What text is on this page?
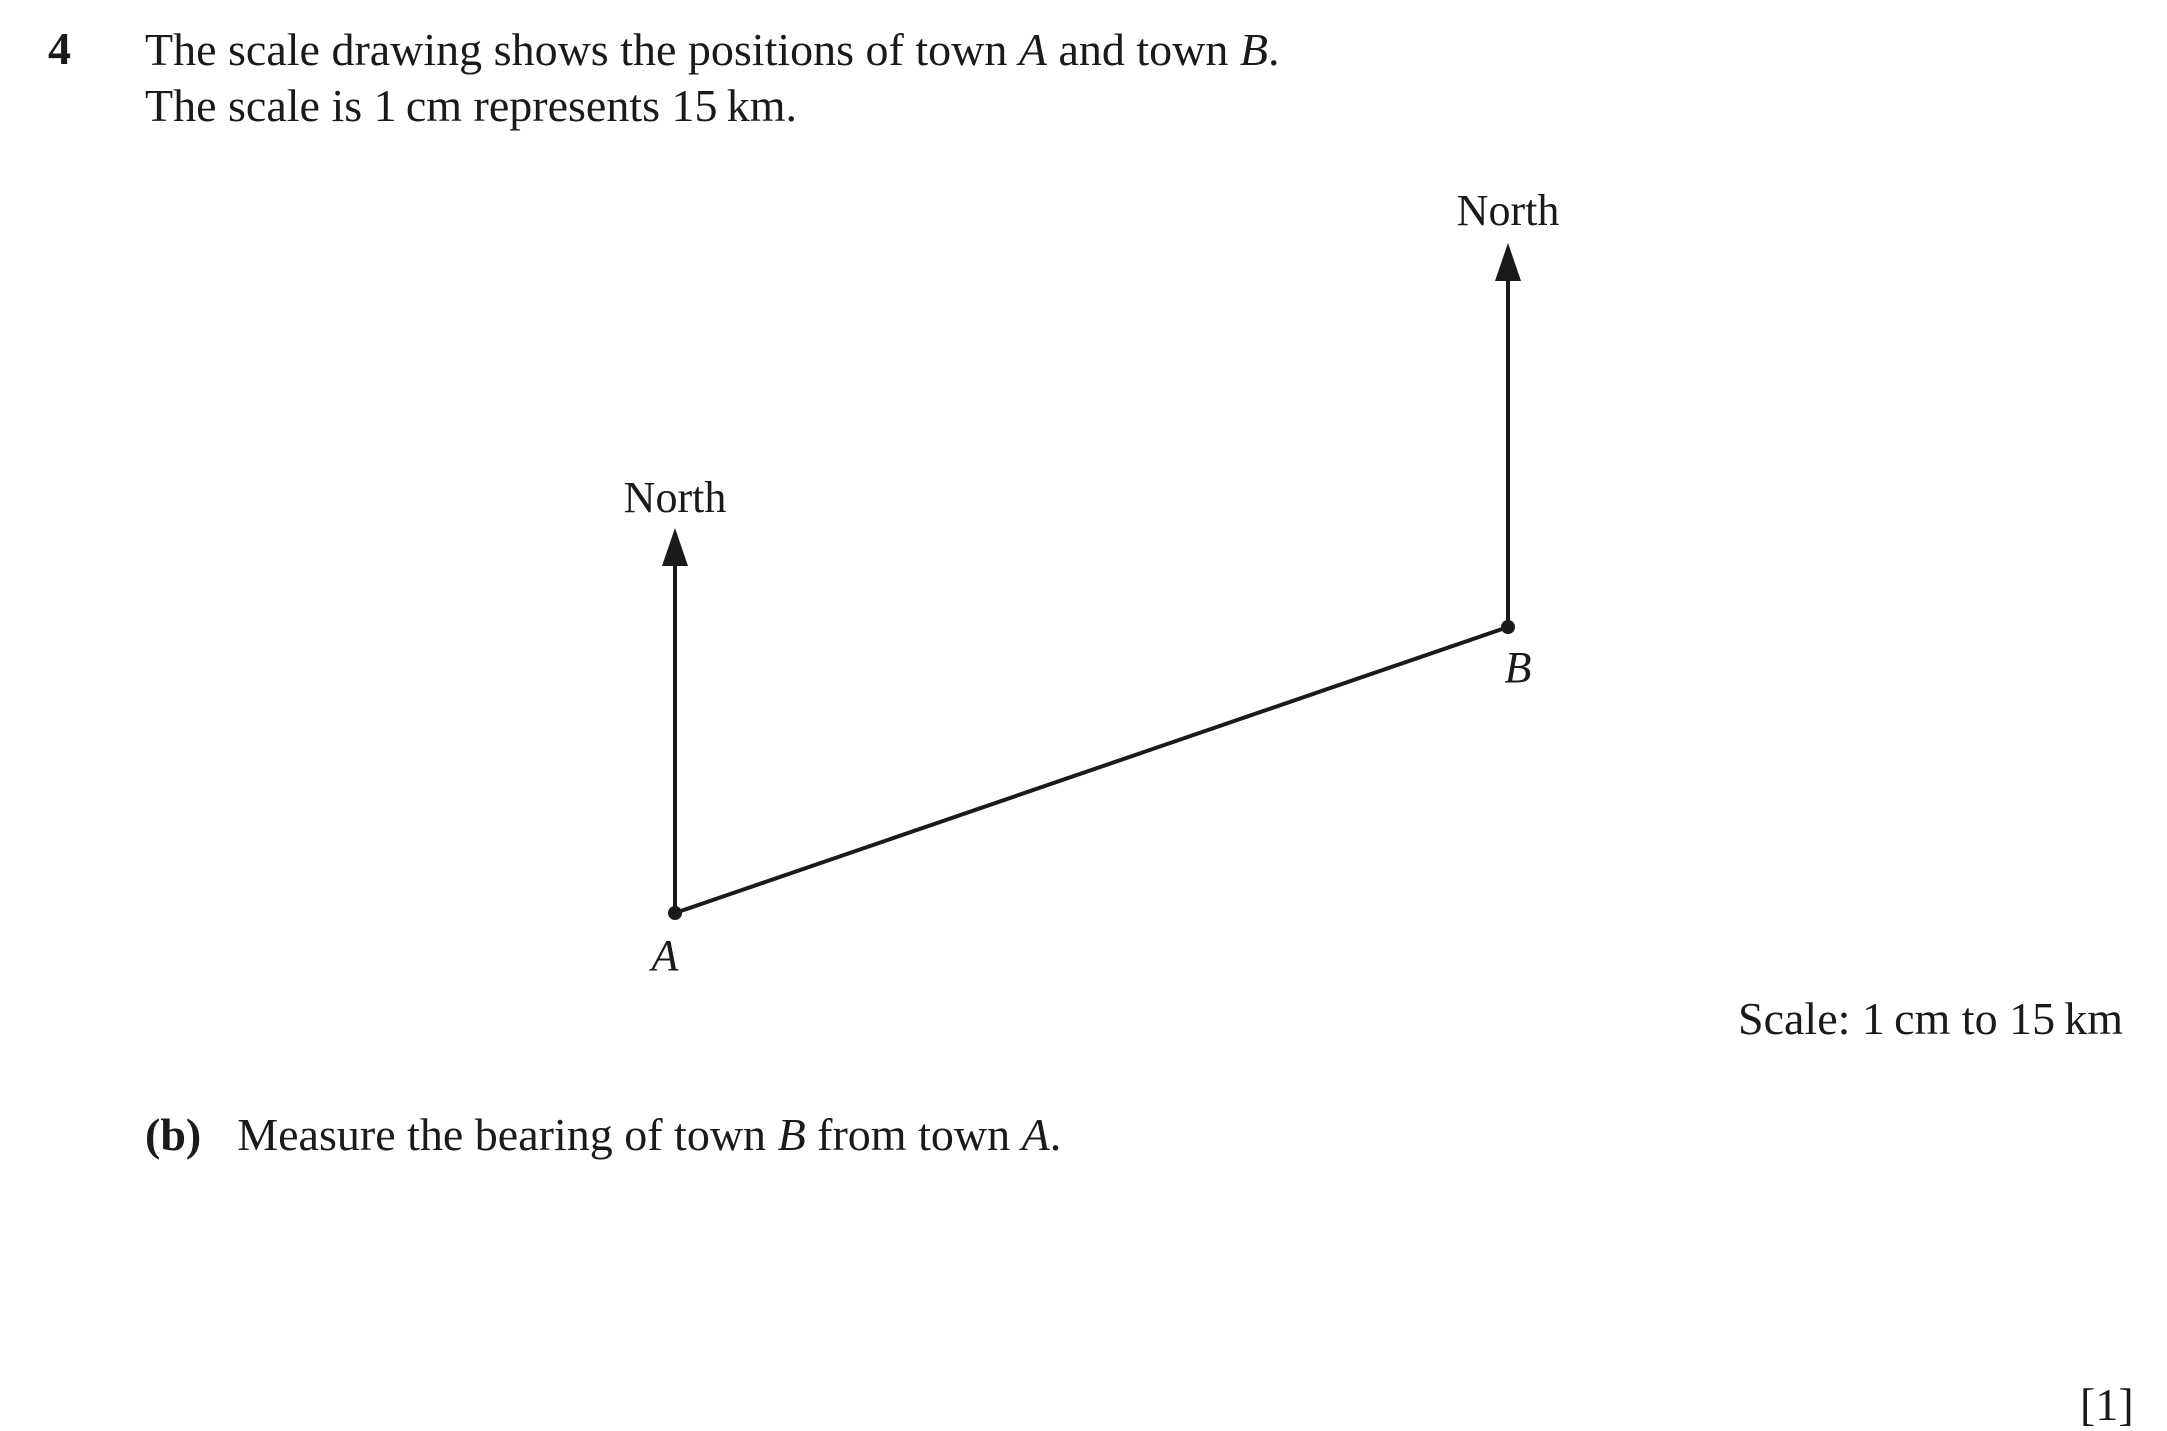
North
North
A
B
4 The scale drawing shows the positions of town A and town B.
The scale is 1 cm represents 15 km.
Scale: 1 cm to 15 km
(b) Measure the bearing of town B from town A.
[1]
